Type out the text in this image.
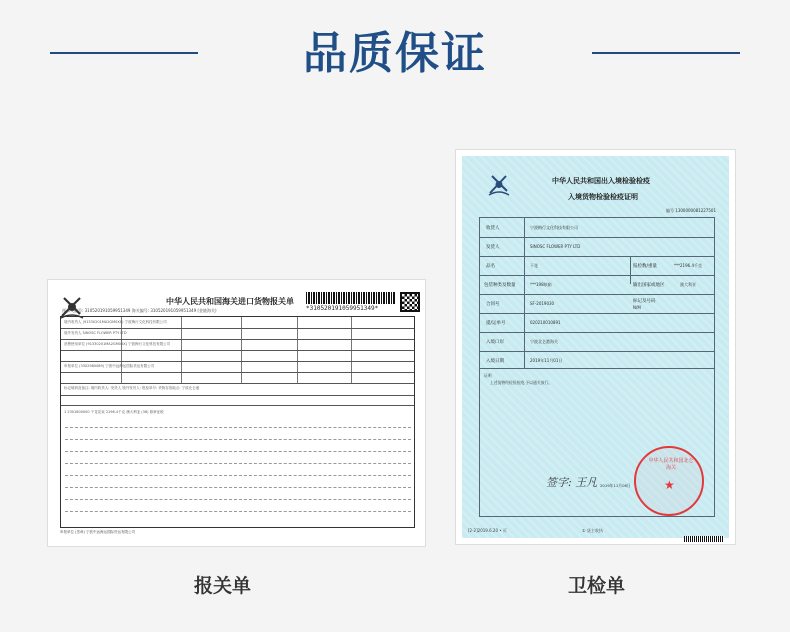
品质保证
中华人民共和国海关进口货物报关单
*310520191059951349*
预录入编号: 310520191059951349 海关编号: 310520191059951349 (金陵海关)
境内收货人 (91330201MA2GM0XX) 宁波梅行文化科技有限公司
境外发货人 SINOSC FLOWER PTY LTD
消费使用单位 (91330201MA2GM0XX) 宁波梅行文化科技有限公司
申报单位 (3302980089) 宁波中远海运国际货运有限公司
标记唛码及备注: 境内收货人: 发货人 境外发货人: 报检单号: 货物存放地点: 宁波北仑港
1 2301800000 干花花束 2196.4千克 澳大利亚 (36) 照章征税
申报单位 (签章) 宁波中远海运国际货运有限公司
中华人民共和国出入境检验检疫
入境货物检验检疫证明
编号 1300000081227501
收货人	宁波梅行文化科技有限公司
发货人	SINOSC FLOWER PTY LTD
品名	干花	报检数/重量	***2196.4千克
包装种类及数量	***198纸箱	输出国家或地区	澳大利亚
合同号	SF-2019030	标记及号码
N/M
提/运单号	020210010891
入境口岸	宁波北仑港海关
入境日期	2019年11月01日
证明
上述货物经检验检疫,予以通关放行。
2019年11月08日
签字: 王凡
中华人民共和国北仑海关
★
[2-2]2019.6.20 • 页	① 货主收执
报关单	卫检单
